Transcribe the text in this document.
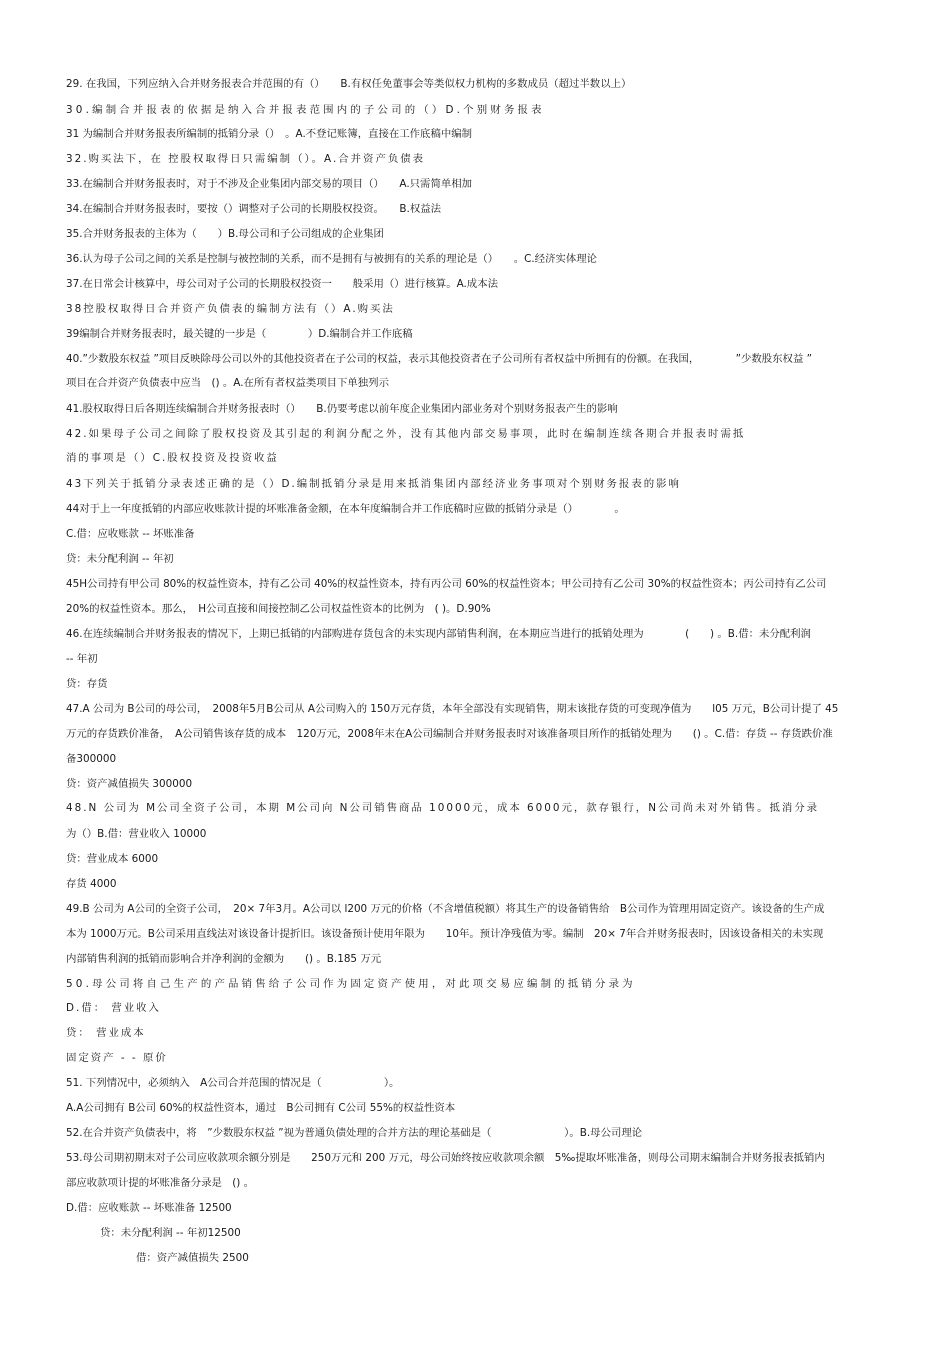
29. 在我国，下列应纳入合并财务报表合并范围的有（）　　B.有权任免董事会等类似权力机构的多数成员（超过半数以上）
30.编制合并报表的依据是纳入合并报表范围内的子公司的（）D.个别财务报表
31 为编制合并财务报表所编制的抵销分录（）　。A.不登记账簿，直接在工作底稿中编制
32.购买法下，在 控股权取得日只需编制（）。A.合并资产负债表
33.在编制合并财务报表时，对于不涉及企业集团内部交易的项目（）　　A.只需简单相加
34.在编制合并财务报表时，要按（）调整对子公司的长期股权投资。　　B.权益法
35.合并财务报表的主体为（　　）B.母公司和子公司组成的企业集团
36.认为母子公司之间的关系是控制与被控制的关系，而不是拥有与被拥有的关系的理论是（）　　。C.经济实体理论
37.在日常会计核算中，母公司对子公司的长期股权投资一　　般采用（）进行核算。A.成本法
38控股权取得日合并资产负债表的编制方法有（）A.购买法
39编制合并财务报表时，最关键的一步是（　　　　）D.编制合并工作底稿
40.”少数股东权益 ”项目反映除母公司以外的其他投资者在子公司的权益，表示其他投资者在子公司所有者权益中所拥有的份额。在我国，　　　　”少数股东权益 ”
项目在合并资产负债表中应当　() 。A.在所有者权益类项目下单独列示
41.股权取得日后各期连续编制合并财务报表时（）　　B.仍要考虑以前年度企业集团内部业务对个别财务报表产生的影响
42.如果母子公司之间除了股权投资及其引起的利润分配之外，没有其他内部交易事项，此时在编制连续各期合并报表时需抵
消的事项是（）C.股权投资及投资收益
43下列关于抵销分录表述正确的是（）D.编制抵销分录是用来抵消集团内部经济业务事项对个别财务报表的影响
44对于上一年度抵销的内部应收账款计提的坏账准备金额，在本年度编制合并工作底稿时应做的抵销分录是（）　　　　。
C.借：应收账款 -- 坏账准备
贷：未分配利润 -- 年初
45H公司持有甲公司 80%的权益性资本，持有乙公司 40%的权益性资本，持有丙公司 60%的权益性资本；甲公司持有乙公司 30%的权益性资本；丙公司持有乙公司
20%的权益性资本。那么，　H公司直接和间接控制乙公司权益性资本的比例为　( )。D.90%
46.在连续编制合并财务报表的情况下，上期已抵销的内部购进存货包含的未实现内部销售利润，在本期应当进行的抵销处理为　　　　(　　) 。B.借：未分配利润
-- 年初
贷：存货
47.A 公司为 B公司的母公司，　2008年5月B公司从 A公司购入的 150万元存货，本年全部没有实现销售，期末该批存货的可变现净值为　　l05 万元，B公司计提了 45
万元的存货跌价准备，　A公司销售该存货的成本　120万元，2008年末在A公司编制合并财务报表时对该准备项目所作的抵销处理为　　() 。C.借：存货 -- 存货跌价准
备300000
贷：资产减值损失 300000
48.N 公司为 M公司全资子公司，本期 M公司向 N公司销售商品 10000元，成本 6000元，款存银行，N公司尚未对外销售。抵消分录
为（）B.借：营业收入 10000
贷：营业成本 6000
存货 4000
49.B 公司为 A公司的全资子公司，　20× 7年3月。A公司以 l200 万元的价格（不含增值税额）将其生产的设备销售给　B公司作为管理用固定资产。该设备的生产成
本为 1000万元。B公司采用直线法对该设备计提折旧。该设备预计使用年限为　　10年。预计净残值为零。编制　20× 7年合并财务报表时，因该设备相关的未实现
内部销售利润的抵销而影响合并净利润的金额为　　() 。B.185 万元
50.母公司将自己生产的产品销售给子公司作为固定资产使用，对此项交易应编制的抵销分录为
D.借： 营业收入
贷： 营业成本
固定资产 - - 原价
51. 下列情况中，必须纳入　A公司合并范围的情况是（　　　　　　）。
A.A公司拥有 B公司 60%的权益性资本，通过　B公司拥有 C公司 55%的权益性资本
52.在合并资产负债表中，将　”少数股东权益 ”视为普通负债处理的合并方法的理论基础是（　　　　　　　）。B.母公司理论
53.母公司期初期末对子公司应收款项余额分别是　　250万元和 200 万元，母公司始终按应收款项余额　5‰提取坏账准备，则母公司期末编制合并财务报表抵销内
部应收款项计提的坏账准备分录是　() 。
D.借：应收账款 -- 坏账准备 12500
贷：未分配利润 -- 年初12500
借：资产减值损失 2500
